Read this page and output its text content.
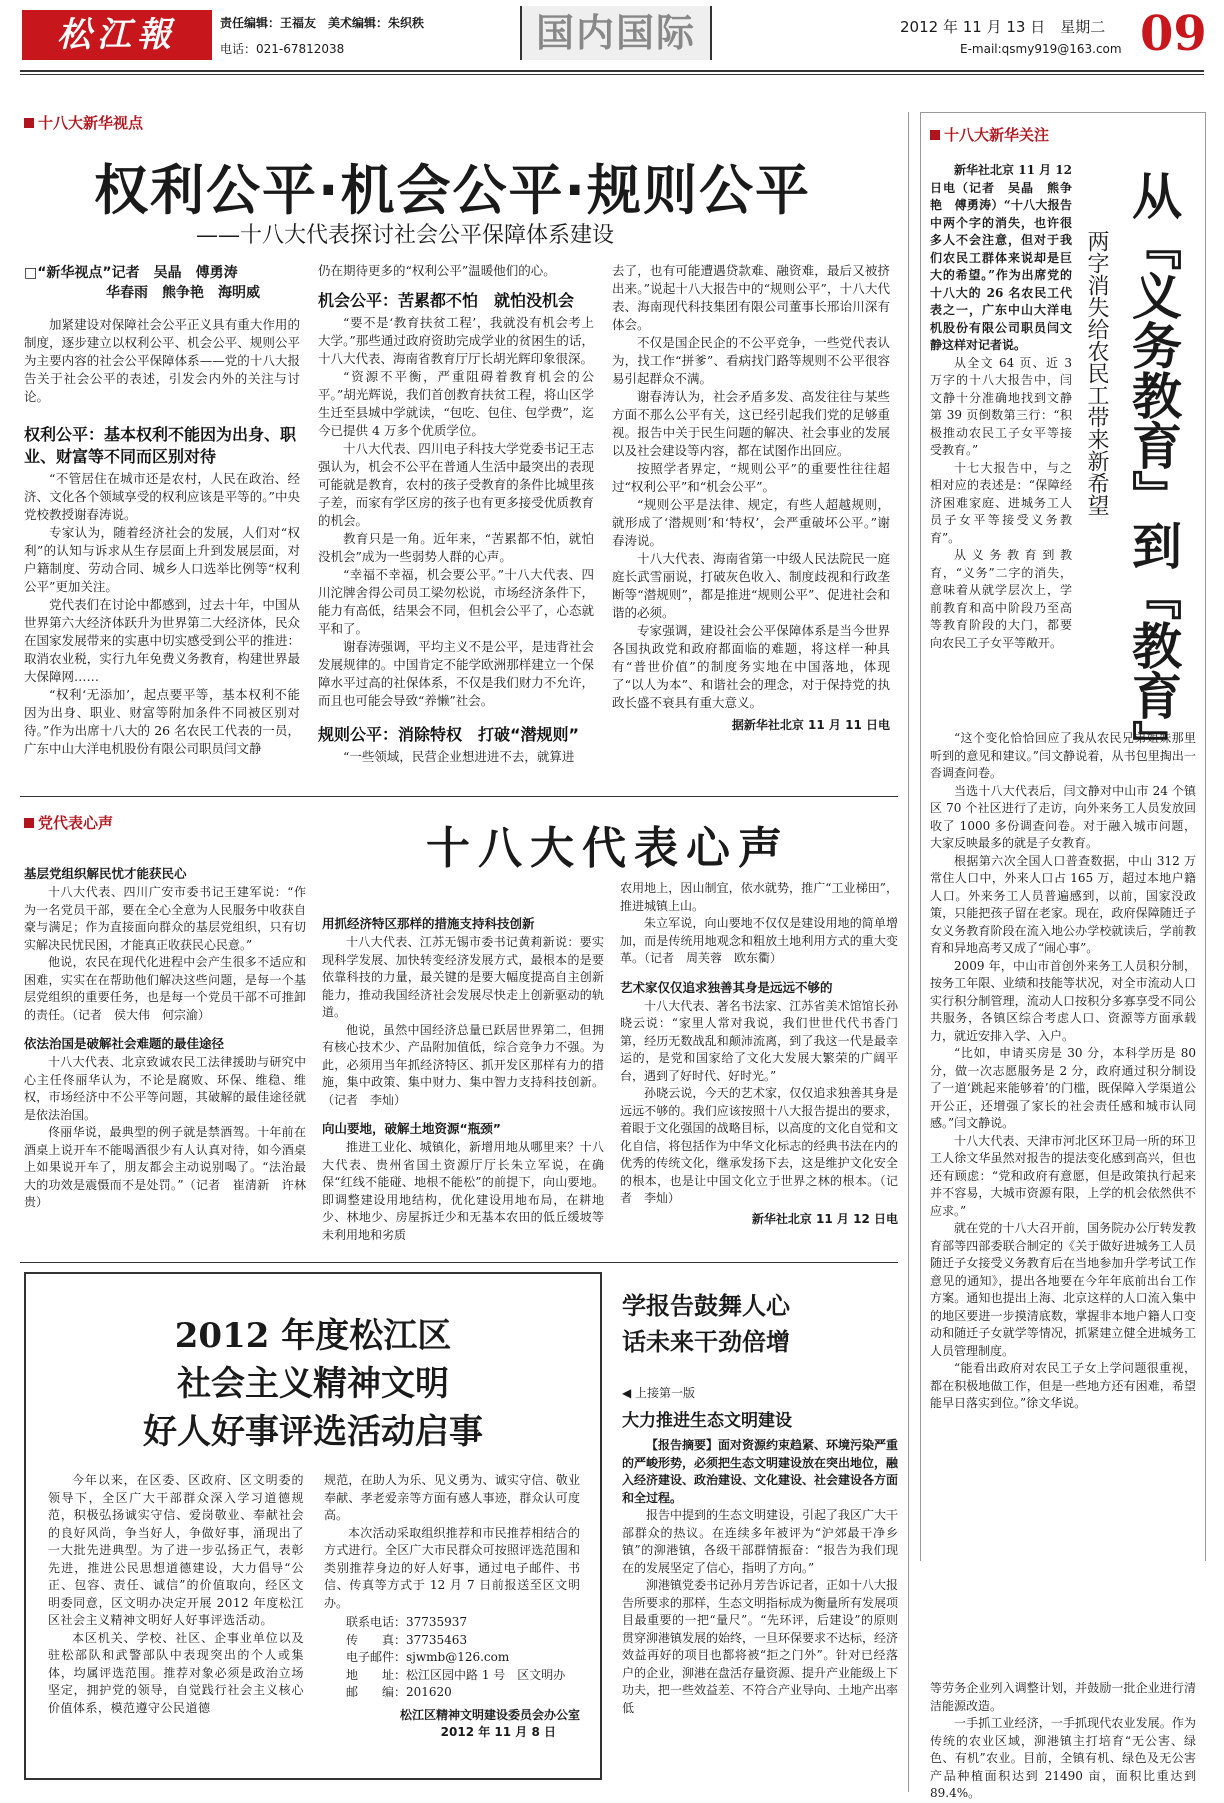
松江報	责任编辑：王福友　美术编辑：朱织秩
电话：021-67812038	国内国际	2012 年 11 月 13 日　星期二
E-mail:qsmy919@163.com 09
十八大新华视点
权利公平·机会公平·规则公平
——十八大代表探讨社会公平保障体系建设
□“新华视点”记者　吴晶　傅勇涛
华春雨　熊争艳　海明威

加紧建设对保障社会公平正义具有重大作用的制度，逐步建立以权利公平、机会公平、规则公平为主要内容的社会公平保障体系——党的十八大报告关于社会公平的表述，引发会内外的关注与讨论。

权利公平：基本权利不能因为出身、职业、财富等不同而区别对待

“不管居住在城市还是农村，人民在政治、经济、文化各个领域享受的权利应该是平等的。”中央党校教授谢春涛说。

专家认为，随着经济社会的发展，人们对“权利”的认知与诉求从生存层面上升到发展层面，对户籍制度、劳动合同、城乡人口选举比例等“权利公平”更加关注。

党代表们在讨论中都感到，过去十年，中国从世界第六大经济体跃升为世界第二大经济体，民众在国家发展带来的实惠中切实感受到公平的推进：取消农业税，实行九年免费义务教育，构建世界最大保障网……

“权利‘无添加’，起点要平等，基本权利不能因为出身、职业、财富等附加条件不同被区别对待。”作为出席十八大的 26 名农民工代表的一员，广东中山大洋电机股份有限公司职员闫文静

仍在期待更多的“权利公平”温暖他们的心。

机会公平：苦累都不怕　就怕没机会

“要不是‘教育扶贫工程’，我就没有机会考上大学。”那些通过政府资助完成学业的贫困生的话，十八大代表、海南省教育厅厅长胡光辉印象很深。

“资源不平衡，严重阻碍着教育机会的公平。”胡光辉说，我们首创教育扶贫工程，将山区学生迁至县城中学就读，“包吃、包住、包学费”，迄今已提供 4 万多个优质学位。

十八大代表、四川电子科技大学党委书记王志强认为，机会不公平在普通人生活中最突出的表现可能就是教育，农村的孩子受教育的条件比城里孩子差，而家有学区房的孩子也有更多接受优质教育的机会。

教育只是一角。近年来，“苦累都不怕，就怕没机会”成为一些弱势人群的心声。

“幸福不幸福，机会要公平。”十八大代表、四川沱牌舍得公司员工梁勿松说，市场经济条件下，能力有高低，结果会不同，但机会公平了，心态就平和了。

谢春涛强调，平均主义不是公平，是违背社会发展规律的。中国肯定不能学欧洲那样建立一个保障水平过高的社保体系，不仅是我们财力不允许，而且也可能会导致“养懒”社会。

规则公平：消除特权　打破“潜规则”

“一些领域，民营企业想进进不去，就算进

去了，也有可能遭遇贷款难、融资难，最后又被挤出来。”说起十八大报告中的“规则公平”，十八大代表、海南现代科技集团有限公司董事长邢诒川深有体会。

不仅是国企民企的不公平竞争，一些党代表认为，找工作“拼爹”、看病找门路等规则不公平很容易引起群众不满。

谢春涛认为，社会矛盾多发、高发往往与某些方面不那么公平有关，这已经引起我们党的足够重视。报告中关于民生问题的解决、社会事业的发展以及社会建设等内容，都在试图作出回应。

按照学者界定，“规则公平”的重要性往往超过“权利公平”和“机会公平”。

“规则公平是法律、规定，有些人超越规则，就形成了‘潜规则’和‘特权’，会严重破坏公平。”谢春涛说。

十八大代表、海南省第一中级人民法院民一庭庭长武雪丽说，打破灰色收入、制度歧视和行政垄断等“潜规则”，都是推进“规则公平”、促进社会和谐的必须。

专家强调，建设社会公平保障体系是当今世界各国执政党和政府都面临的难题，将这样一种具有“普世价值”的制度务实地在中国落地，体现了“以人为本”、和谐社会的理念，对于保持党的执政长盛不衰具有重大意义。

据新华社北京 11 月 11 日电
十八大新华关注

新华社北京 11 月 12 日电（记者　吴晶　熊争艳　傅勇涛）“十八大报告中两个字的消失，也许很多人不会注意，但对于我们农民工群体来说却是巨大的希望。”作为出席党的十八大的 26 名农民工代表之一，广东中山大洋电机股份有限公司职员闫文静这样对记者说。

从全文 64 页、近 3 万字的十八大报告中，闫文静十分准确地找到文静第 39 页倒数第三行：“积极推动农民工子女平等接受教育。”

十七大报告中，与之相对应的表述是：“保障经济困难家庭、进城务工人员子女平等接受义务教育”。

从义务教育到教育，“义务”二字的消失，意味着从就学层次上，学前教育和高中阶段乃至高等教育阶段的大门，都要向农民工子女平等敞开。 从『义务教育』到『教育』
两字消失给农民工带来新希望

“这个变化恰恰回应了我从农民兄弟姐妹那里听到的意见和建议。”闫文静说着，从书包里掏出一沓调查问卷。

当选十八大代表后，闫文静对中山市 24 个镇区 70 个社区进行了走访，向外来务工人员发放回收了 1000 多份调查问卷。对于融入城市问题，大家反映最多的就是子女教育。

根据第六次全国人口普查数据，中山 312 万常住人口中，外来人口占 165 万，超过本地户籍人口。外来务工人员普遍感到，以前，国家没政策，只能把孩子留在老家。现在，政府保障随迁子女义务教育阶段在流入地公办学校就读后，学前教育和异地高考又成了“闹心事”。

2009 年，中山市首创外来务工人员积分制，按务工年限、业绩和技能等状况，对全市流动人口实行积分制管理，流动人口按积分多寡享受不同公共服务，各镇区综合考虑人口、资源等方面承载力，就近安排入学、入户。

“比如，申请买房是 30 分，本科学历是 80 分，做一次志愿服务是 2 分，政府通过积分制设了一道‘跳起来能够着’的门槛，既保障入学渠道公开公正，还增强了家长的社会责任感和城市认同感。”闫文静说。

十八大代表、天津市河北区环卫局一所的环卫工人徐文华虽然对报告的提法变化感到高兴，但也还有顾虑：“党和政府有意愿，但是政策执行起来并不容易，大城市资源有限，上学的机会依然供不应求。”

就在党的十八大召开前，国务院办公厅转发教育部等四部委联合制定的《关于做好进城务工人员随迁子女接受义务教育后在当地参加升学考试工作意见的通知》，提出各地要在今年年底前出台工作方案。通知也提出上海、北京这样的人口流入集中的地区要进一步摸清底数，掌握非本地户籍人口变动和随迁子女就学等情况，抓紧建立健全进城务工人员管理制度。

“能看出政府对农民工子女上学问题很重视，都在积极地做工作，但是一些地方还有困难，希望能早日落实到位。”徐文华说。

党代表心声	十八大代表心声
基层党组织解民忧才能获民心

十八大代表、四川广安市委书记王建军说：“作为一名党员干部，要在全心全意为人民服务中收获自豪与满足；作为直接面向群众的基层党组织，只有切实解决民忧民困，才能真正收获民心民意。”

他说，农民在现代化进程中会产生很多不适应和困难，实实在在帮助他们解决这些问题，是每一个基层党组织的重要任务，也是每一个党员干部不可推卸的责任。（记者　侯大伟　何宗渝）

依法治国是破解社会难题的最佳途径

十八大代表、北京致诚农民工法律援助与研究中心主任佟丽华认为，不论是腐败、环保、维稳、维权，市场经济中不公平等问题，其破解的最佳途径就是依法治国。

佟丽华说，最典型的例子就是禁酒驾。十年前在酒桌上说开车不能喝酒很少有人认真对待，如今酒桌上如果说开车了，朋友都会主动说别喝了。“法治最大的功效是震慑而不是处罚。”（记者　崔清新　许林贵）

用抓经济特区那样的措施支持科技创新

十八大代表、江苏无锡市委书记黄莉新说：要实现科学发展、加快转变经济发展方式，最根本的是要依靠科技的力量，最关键的是要大幅度提高自主创新能力，推动我国经济社会发展尽快走上创新驱动的轨道。

他说，虽然中国经济总量已跃居世界第二，但拥有核心技术少、产品附加值低，综合竞争力不强。为此，必须用当年抓经济特区、抓开发区那样有力的措施，集中政策、集中财力、集中智力支持科技创新。（记者　李灿）

向山要地，破解土地资源“瓶颈”

推进工业化、城镇化，新增用地从哪里来？十八大代表、贵州省国土资源厅厅长朱立军说，在确保“红线不能碰、地根不能松”的前提下，向山要地。即调整建设用地结构，优化建设用地布局，在耕地少、林地少、房屋拆迁少和无基本农田的低丘缓坡等未利用地和劣质

农用地上，因山制宜，依水就势，推广“工业梯田”，推进城镇上山。

朱立军说，向山要地不仅仅是建设用地的简单增加，而是传统用地观念和粗放土地利用方式的重大变革。（记者　周芙蓉　欧东衢）

艺术家仅仅追求独善其身是远远不够的

十八大代表、著名书法家、江苏省美术馆馆长孙晓云说：“家里人常对我说，我们世世代代书香门第，经历无数战乱和颠沛流离，到了我这一代是最幸运的，是党和国家给了文化大发展大繁荣的广阔平台，遇到了好时代、好时光。”

孙晓云说，今天的艺术家，仅仅追求独善其身是远远不够的。我们应该按照十八大报告提出的要求，着眼于文化强国的战略目标，以高度的文化自觉和文化自信，将包括作为中华文化标志的经典书法在内的优秀的传统文化，继承发扬下去，这是维护文化安全的根本，也是让中国文化立于世界之林的根本。（记者　李灿）

新华社北京 11 月 12 日电
2012 年度松江区
社会主义精神文明
好人好事评选活动启事

今年以来，在区委、区政府、区文明委的领导下，全区广大干部群众深入学习道德规范，积极弘扬诚实守信、爱岗敬业、奉献社会的良好风尚，争当好人，争做好事，涌现出了一大批先进典型。为了进一步弘扬正气，表彰先进，推进公民思想道德建设，大力倡导“公正、包容、责任、诚信”的价值取向，经区文明委同意，区文明办决定开展 2012 年度松江区社会主义精神文明好人好事评选活动。

本区机关、学校、社区、企事业单位以及驻松部队和武警部队中表现突出的个人或集体，均属评选范围。推荐对象必须是政治立场坚定，拥护党的领导，自觉践行社会主义核心价值体系，模范遵守公民道德

规范，在助人为乐、见义勇为、诚实守信、敬业奉献、孝老爱亲等方面有感人事迹，群众认可度高。

本次活动采取组织推荐和市民推荐相结合的方式进行。全区广大市民群众可按照评选范围和类别推荐身边的好人好事，通过电子邮件、书信、传真等方式于 12 月 7 日前报送至区文明办。

联系电话：37735937
传　　真：37735463
电子邮件：sjwmb@126.com
地　　址：松江区园中路 1 号　区文明办
邮　　编：201620
松江区精神文明建设委员会办公室
2012 年 11 月 8 日
学报告鼓舞人心
话未来干劲倍增
◀ 上接第一版
大力推进生态文明建设

【报告摘要】面对资源约束趋紧、环境污染严重的严峻形势，必须把生态文明建设放在突出地位，融入经济建设、政治建设、文化建设、社会建设各方面和全过程。

报告中提到的生态文明建设，引起了我区广大干部群众的热议。在连续多年被评为“沪郊最干净乡镇”的泖港镇，各级干部群情振奋：“报告为我们现在的发展坚定了信心，指明了方向。”

泖港镇党委书记孙月芳告诉记者，正如十八大报告所要求的那样，生态文明指标成为衡量所有发展项目最重要的一把“量尺”。“先环评，后建设”的原则贯穿泖港镇发展的始终，一旦环保要求不达标，经济效益再好的项目也都将被“拒之门外”。针对已经落户的企业，泖港在盘活存量资源、提升产业能级上下功夫，把一些效益差、不符合产业导向、土地产出率低

等劳务企业列入调整计划，并鼓励一批企业进行清洁能源改造。

一手抓工业经济，一手抓现代农业发展。作为传统的农业区域，泖港镇主打培育“无公害、绿色、有机”农业。目前，全镇有机、绿色及无公害产品种植面积达到 21490 亩，面积比重达到 89.4%。
